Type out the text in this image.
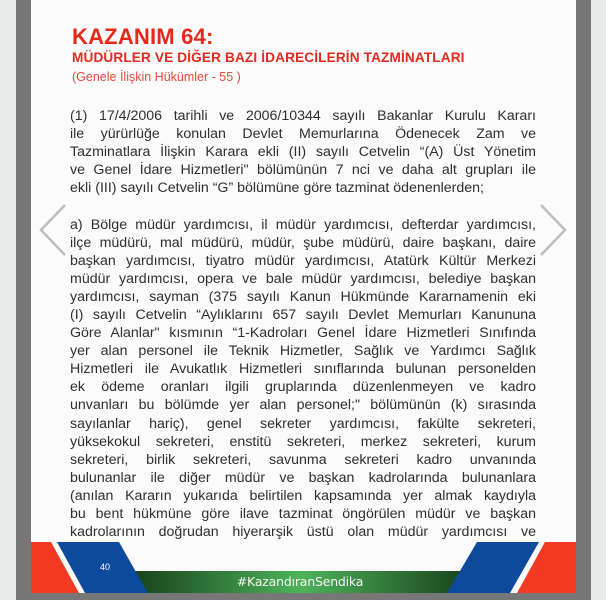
KAZANIM 64:
MÜDÜRLER VE DİĞER BAZI İDARECİLERİN TAZMİNATLARI
(Genele İlişkin Hükümler - 55 )
(1) 17/4/2006 tarihli ve 2006/10344 sayılı Bakanlar Kurulu Kararı
ile yürürlüğe konulan Devlet Memurlarına Ödenecek Zam ve
Tazminatlara İlişkin Karara ekli (II) sayılı Cetvelin “(A) Üst Yönetim
ve Genel İdare Hizmetleri" bölümünün 7 nci ve daha alt grupları ile
ekli (III) sayılı Cetvelin “G” bölümüne göre tazminat ödenenlerden;
a) Bölge müdür yardımcısı, il müdür yardımcısı, defterdar yardımcısı,
ilçe müdürü, mal müdürü, müdür, şube müdürü, daire başkanı, daire
başkan yardımcısı, tiyatro müdür yardımcısı, Atatürk Kültür Merkezi
müdür yardımcısı, opera ve bale müdür yardımcısı, belediye başkan
yardımcısı, sayman (375 sayılı Kanun Hükmünde Kararnamenin eki
(I) sayılı Cetvelin “Aylıklarını 657 sayılı Devlet Memurları Kanununa
Göre Alanlar" kısmının “1-Kadroları Genel İdare Hizmetleri Sınıfında
yer alan personel ile Teknik Hizmetler, Sağlık ve Yardımcı Sağlık
Hizmetleri ile Avukatlık Hizmetleri sınıflarında bulunan personelden
ek ödeme oranları ilgili gruplarında düzenlenmeyen ve kadro
unvanları bu bölümde yer alan personel;" bölümünün (k) sırasında
sayılanlar hariç), genel sekreter yardımcısı, fakülte sekreteri,
yüksekokul sekreteri, enstitü sekreteri, merkez sekreteri, kurum
sekreteri, birlik sekreteri, savunma sekreteri kadro unvanında
bulunanlar ile diğer müdür ve başkan kadrolarında bulunanlara
(anılan Kararın yukarıda belirtilen kapsamında yer almak kaydıyla
bu bent hükmüne göre ilave tazminat öngörülen müdür ve başkan
kadrolarının doğrudan hiyerarşik üstü olan müdür yardımcısı ve
40
#KazandıranSendika
